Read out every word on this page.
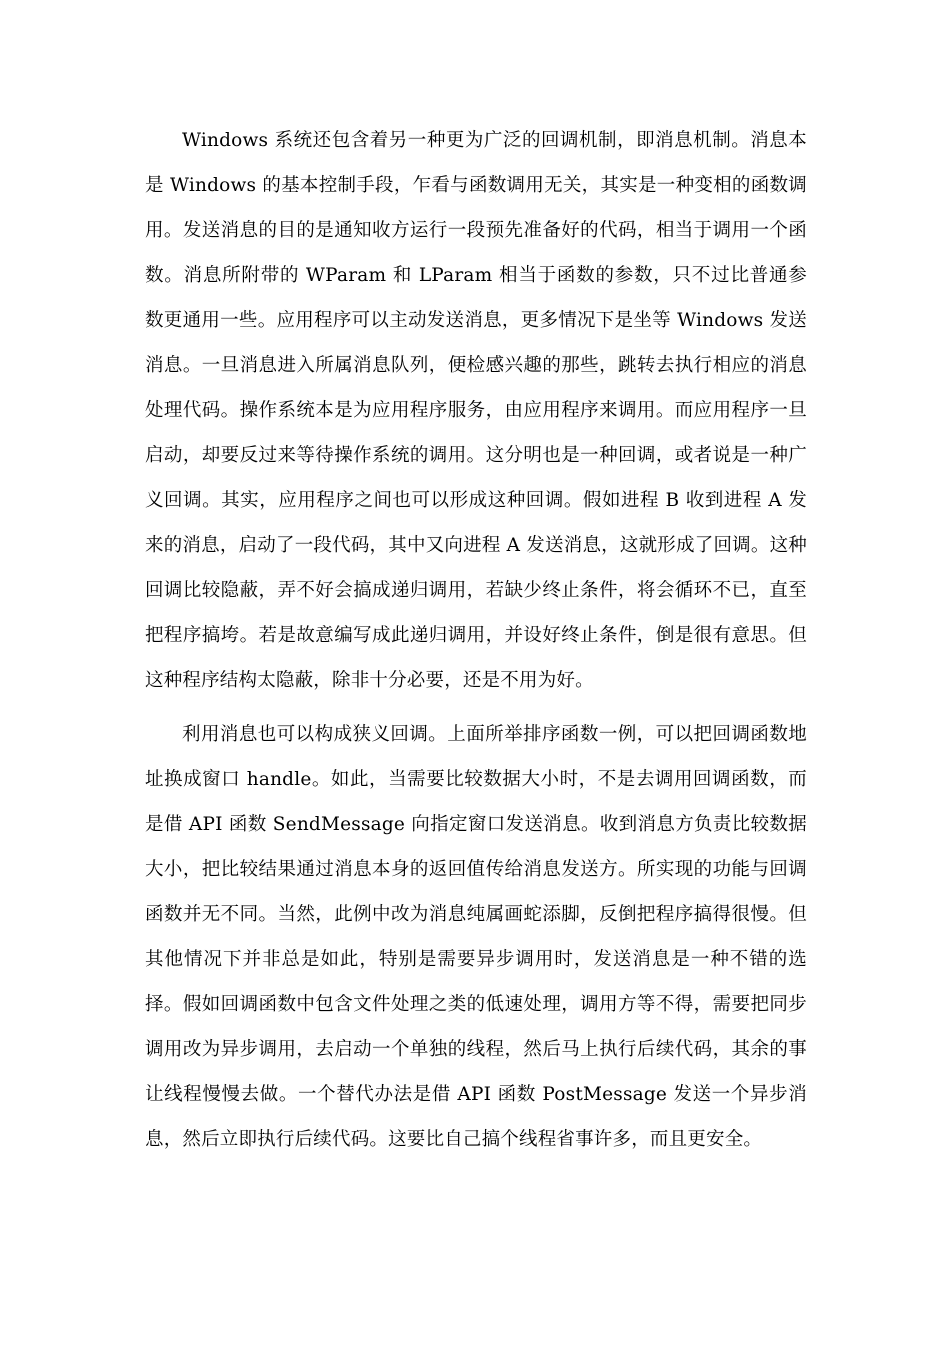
Windows 系统还包含着另一种更为广泛的回调机制，即消息机制。消息本是 Windows 的基本控制手段，乍看与函数调用无关，其实是一种变相的函数调用。发送消息的目的是通知收方运行一段预先准备好的代码，相当于调用一个函数。消息所附带的 WParam 和 LParam 相当于函数的参数，只不过比普通参数更通用一些。应用程序可以主动发送消息，更多情况下是坐等 Windows 发送消息。一旦消息进入所属消息队列，便检感兴趣的那些，跳转去执行相应的消息处理代码。操作系统本是为应用程序服务，由应用程序来调用。而应用程序一旦启动，却要反过来等待操作系统的调用。这分明也是一种回调，或者说是一种广义回调。其实，应用程序之间也可以形成这种回调。假如进程 B 收到进程 A 发来的消息，启动了一段代码，其中又向进程 A 发送消息，这就形成了回调。这种回调比较隐蔽，弄不好会搞成递归调用，若缺少终止条件，将会循环不已，直至把程序搞垮。若是故意编写成此递归调用，并设好终止条件，倒是很有意思。但这种程序结构太隐蔽，除非十分必要，还是不用为好。

利用消息也可以构成狭义回调。上面所举排序函数一例，可以把回调函数地址换成窗口 handle。如此，当需要比较数据大小时，不是去调用回调函数，而是借 API 函数 SendMessage 向指定窗口发送消息。收到消息方负责比较数据大小，把比较结果通过消息本身的返回值传给消息发送方。所实现的功能与回调函数并无不同。当然，此例中改为消息纯属画蛇添脚，反倒把程序搞得很慢。但其他情况下并非总是如此，特别是需要异步调用时，发送消息是一种不错的选择。假如回调函数中包含文件处理之类的低速处理，调用方等不得，需要把同步调用改为异步调用，去启动一个单独的线程，然后马上执行后续代码，其余的事让线程慢慢去做。一个替代办法是借 API 函数 PostMessage 发送一个异步消息，然后立即执行后续代码。这要比自己搞个线程省事许多，而且更安全。
